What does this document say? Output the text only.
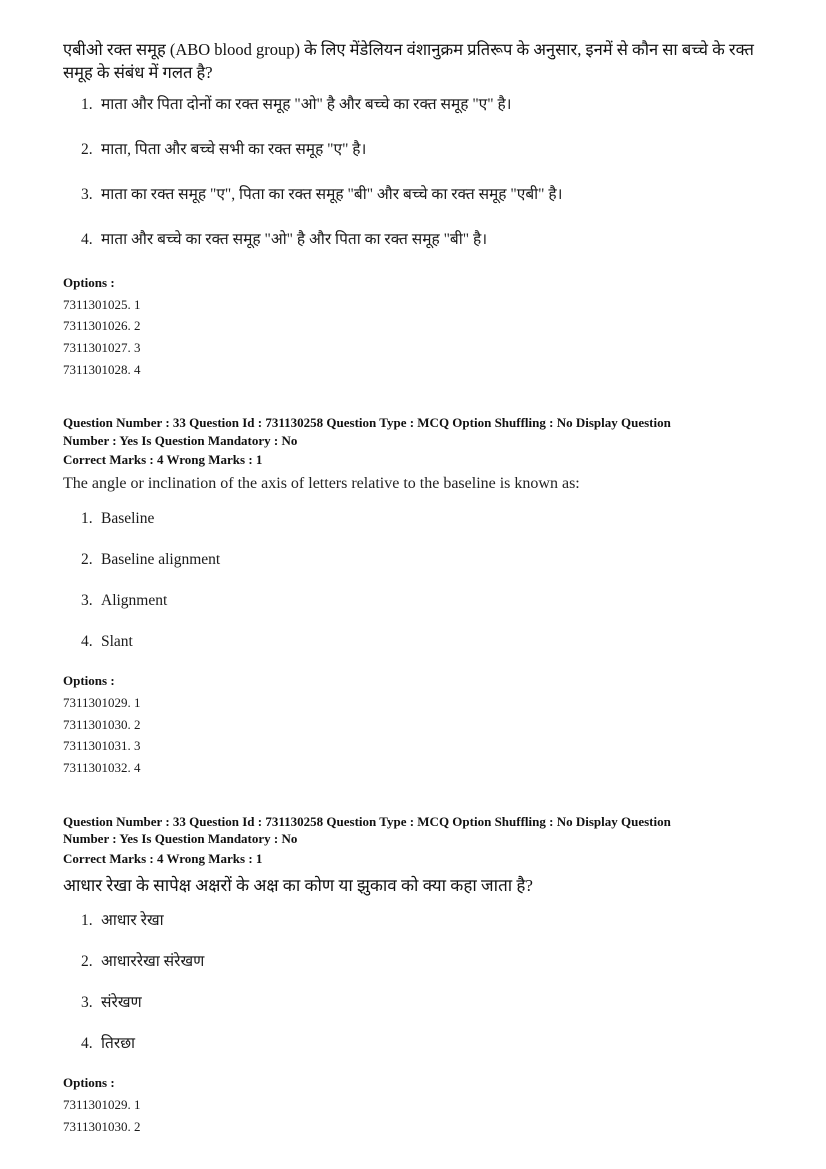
एबीओ रक्त समूह (ABO blood group) के लिए मेंडेलियन वंशानुक्रम प्रतिरूप के अनुसार, इनमें से कौन सा बच्चे के रक्त समूह के संबंध में गलत है?

1. माता और पिता दोनों का रक्त समूह "ओ" है और बच्चे का रक्त समूह "ए" है।
2. माता, पिता और बच्चे सभी का रक्त समूह "ए" है।
3. माता का रक्त समूह "ए", पिता का रक्त समूह "बी" और बच्चे का रक्त समूह "एबी" है।
4. माता और बच्चे का रक्त समूह "ओ" है और पिता का रक्त समूह "बी" है।

Options :

7311301025. 1
7311301026. 2
7311301027. 3
7311301028. 4

Question Number : 33 Question Id : 731130258 Question Type : MCQ Option Shuffling : No Display Question

Number : Yes Is Question Mandatory : No

Correct Marks : 4 Wrong Marks : 1

The angle or inclination of the axis of letters relative to the baseline is known as:

1. Baseline
2. Baseline alignment
3. Alignment
4. Slant

Options :

7311301029. 1
7311301030. 2
7311301031. 3
7311301032. 4

Question Number : 33 Question Id : 731130258 Question Type : MCQ Option Shuffling : No Display Question

Number : Yes Is Question Mandatory : No

Correct Marks : 4 Wrong Marks : 1

आधार रेखा के सापेक्ष अक्षरों के अक्ष का कोण या झुकाव को क्या कहा जाता है?

1. आधार रेखा
2. आधाररेखा संरेखण
3. संरेखण
4. तिरछा

Options :

7311301029. 1
7311301030. 2
